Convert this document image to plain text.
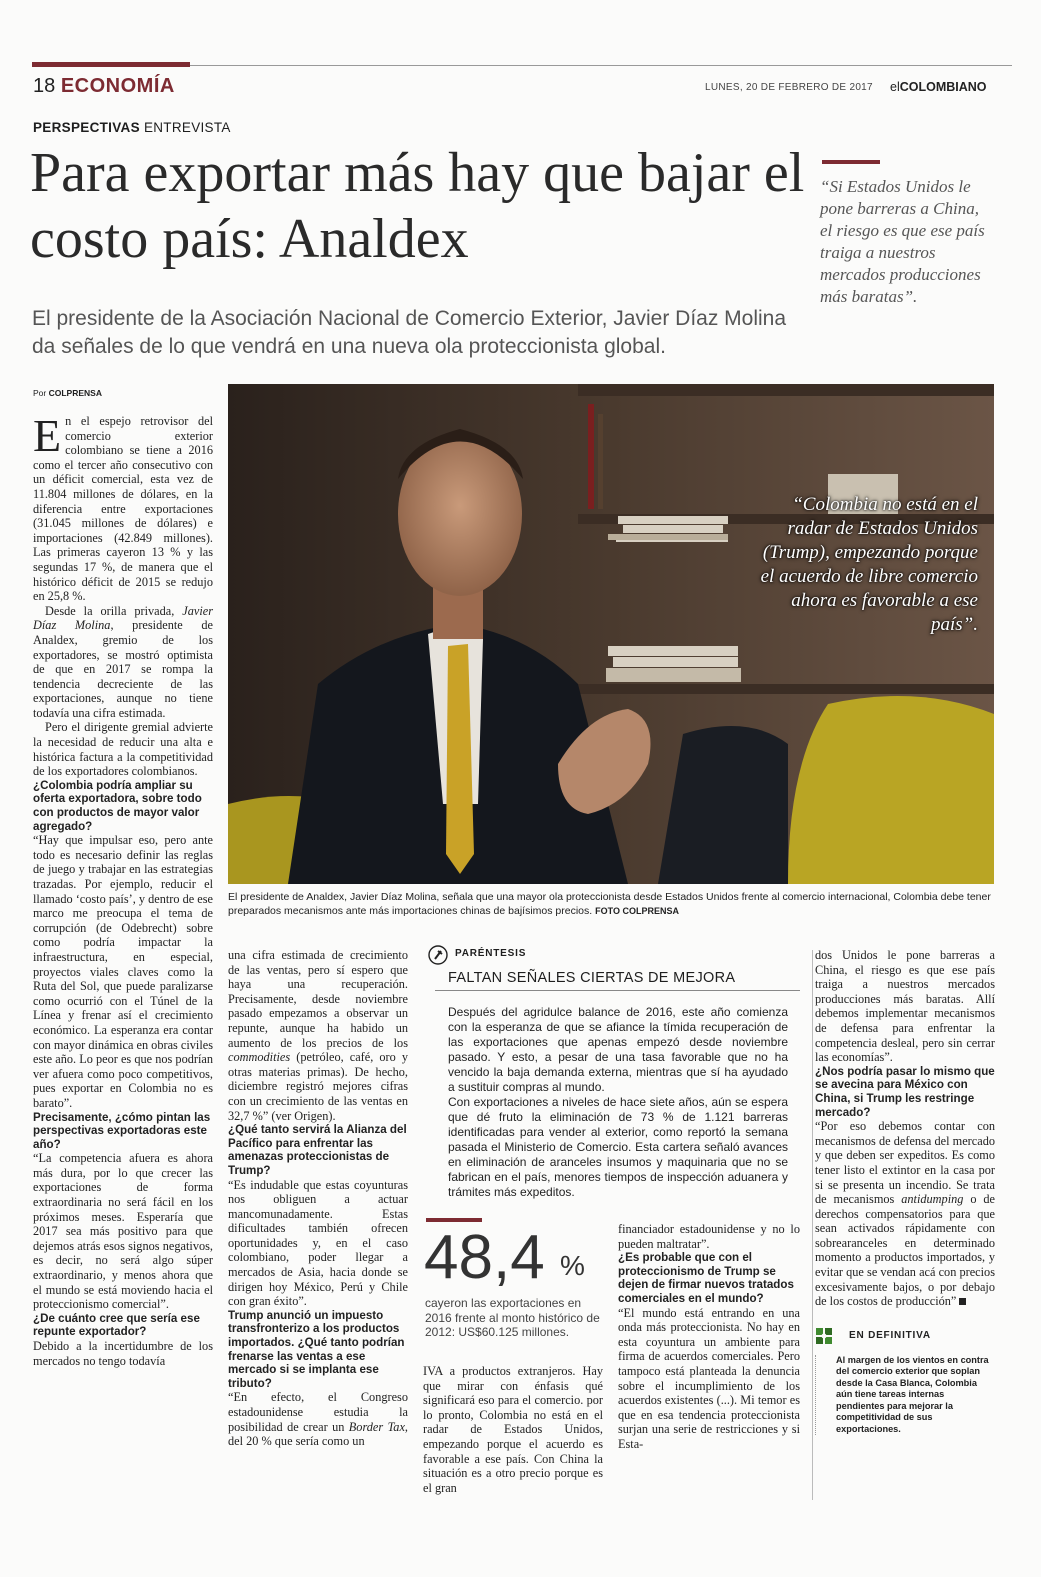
18 ECONOMÍA	LUNES, 20 DE FEBRERO DE 2017 elCOLOMBIANO
PERSPECTIVAS ENTREVISTA
Para exportar más hay que bajar el costo país: Analdex
El presidente de la Asociación Nacional de Comercio Exterior, Javier Díaz Molina da señales de lo que vendrá en una nueva ola proteccionista global.
“Si Estados Unidos le pone barreras a China, el riesgo es que ese país traiga a nuestros mercados producciones más baratas”.
Por COLPRENSA

En el espejo retrovisor del comercio exterior colombiano se tiene a 2016 como el tercer año consecutivo con un déficit comercial, esta vez de 11.804 millones de dólares, en la diferencia entre exportaciones (31.045 millones de dólares) e importaciones (42.849 millones). Las primeras cayeron 13 % y las segundas 17 %, de manera que el histórico déficit de 2015 se redujo en 25,8 %.

Desde la orilla privada, Javier Díaz Molina, presidente de Analdex, gremio de los exportadores, se mostró optimista de que en 2017 se rompa la tendencia decreciente de las exportaciones, aunque no tiene todavía una cifra estimada.

Pero el dirigente gremial advierte la necesidad de reducir una alta e histórica factura a la competitividad de los exportadores colombianos.

¿Colombia podría ampliar su oferta exportadora, sobre todo con productos de mayor valor agregado?

“Hay que impulsar eso, pero ante todo es necesario definir las reglas de juego y trabajar en las estrategias trazadas. Por ejemplo, reducir el llamado ‘costo país’, y dentro de ese marco me preocupa el tema de corrupción (de Odebrecht) sobre como podría impactar la infraestructura, en especial, proyectos viales claves como la Ruta del Sol, que puede paralizarse como ocurrió con el Túnel de la Línea y frenar así el crecimiento económico. La esperanza era contar con mayor dinámica en obras civiles este año. Lo peor es que nos podrían ver afuera como poco competitivos, pues exportar en Colombia no es barato”.

Precisamente, ¿cómo pintan las perspectivas exportadoras este año?

“La competencia afuera es ahora más dura, por lo que crecer las exportaciones de forma extraordinaria no será fácil en los próximos meses. Esperaría que 2017 sea más positivo para que dejemos atrás esos signos negativos, es decir, no será algo súper extraordinario, y menos ahora que el mundo se está moviendo hacia el proteccionismo comercial”.

¿De cuánto cree que sería ese repunte exportador?

Debido a la incertidumbre de los mercados no tengo todavía

“Colombia no está en el radar de Estados Unidos (Trump), empezando porque el acuerdo de libre comercio ahora es favorable a ese país”.
El presidente de Analdex, Javier Díaz Molina, señala que una mayor ola proteccionista desde Estados Unidos frente al comercio internacional, Colombia debe tener preparados mecanismos ante más importaciones chinas de bajísimos precios. FOTO COLPRENSA

una cifra estimada de crecimiento de las ventas, pero sí espero que haya una recuperación. Precisamente, desde noviembre pasado empezamos a observar un repunte, aunque ha habido un aumento de los precios de los commodities (petróleo, café, oro y otras materias primas). De hecho, diciembre registró mejores cifras con un crecimiento de las ventas en 32,7 %” (ver Origen).

¿Qué tanto servirá la Alianza del Pacífico para enfrentar las amenazas proteccionistas de Trump?

“Es indudable que estas coyunturas nos obliguen a actuar mancomunadamente. Estas dificultades también ofrecen oportunidades y, en el caso colombiano, poder llegar a mercados de Asia, hacia donde se dirigen hoy México, Perú y Chile con gran éxito”.

Trump anunció un impuesto transfronterizo a los productos importados. ¿Qué tanto podrían frenarse las ventas a ese mercado si se implanta ese tributo?

“En efecto, el Congreso estadounidense estudia la posibilidad de crear un Border Tax, del 20 % que sería como un

PARÉNTESIS
FALTAN SEÑALES CIERTAS DE MEJORA

Después del agridulce balance de 2016, este año comienza con la esperanza de que se afiance la tímida recuperación de las exportaciones que apenas empezó desde noviembre pasado. Y esto, a pesar de una tasa favorable que no ha vencido la baja demanda externa, mientras que sí ha ayudado a sustituir compras al mundo.

Con exportaciones a niveles de hace siete años, aún se espera que dé fruto la eliminación de 73 % de 1.121 barreras identificadas para vender al exterior, como reportó la semana pasada el Ministerio de Comercio. Esta cartera señaló avances en eliminación de aranceles insumos y maquinaria que no se fabrican en el país, menores tiempos de inspección aduanera y trámites más expeditos.

48,4 %
cayeron las exportaciones en 2016 frente al monto histórico de 2012: US$60.125 millones.

IVA a productos extranjeros. Hay que mirar con énfasis qué significará eso para el comercio. por lo pronto, Colombia no está en el radar de Estados Unidos, empezando porque el acuerdo es favorable a ese país. Con China la situación es a otro precio porque es el gran

financiador estadounidense y no lo pueden maltratar”.

¿Es probable que con el proteccionismo de Trump se dejen de firmar nuevos tratados comerciales en el mundo?

“El mundo está entrando en una onda más proteccionista. No hay en esta coyuntura un ambiente para firma de acuerdos comerciales. Pero tampoco está planteada la denuncia sobre el incumplimiento de los acuerdos existentes (...). Mi temor es que en esa tendencia proteccionista surjan una serie de restricciones y si Esta-

dos Unidos le pone barreras a China, el riesgo es que ese país traiga a nuestros mercados producciones más baratas. Allí debemos implementar mecanismos de defensa para enfrentar la competencia desleal, pero sin cerrar las economías”.

¿Nos podría pasar lo mismo que se avecina para México con China, si Trump les restringe mercado?

“Por eso debemos contar con mecanismos de defensa del mercado y que deben ser expeditos. Es como tener listo el extintor en la casa por si se presenta un incendio. Se trata de mecanismos antidumping o de derechos compensatorios para que sean activados rápidamente con sobrearanceles en determinado momento a productos importados, y evitar que se vendan acá con precios excesivamente bajos, o por debajo de los costos de producción”

EN DEFINITIVA
Al margen de los vientos en contra del comercio exterior que soplan desde la Casa Blanca, Colombia aún tiene tareas internas pendientes para mejorar la competitividad de sus exportaciones.
